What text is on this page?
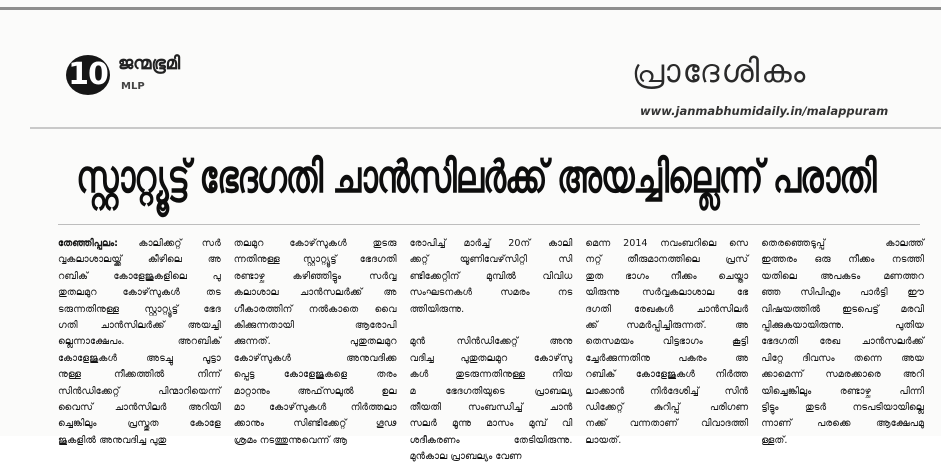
10 ജന്മഭൂമി
MLP	പ്രാദേശികം
www.janmabhumidaily.in/malappuram
സ്റ്റാറ്റ്യൂട്ട് ഭേദഗതി ചാന്‍സിലര്‍ക്ക് അയച്ചില്ലെന്ന് പരാതി
തേഞ്ഞിപ്പലം: കാലിക്കറ്റ് സര്‍
വ്വകലാശാലയ്ക്ക് കീഴിലെ അ
റബിക് കോളേജുകളിലെ പു
തുതലമുറ കോഴ്‌സുകള്‍ തട
ടരുന്നതിനുള്ള സ്റ്റാറ്റ്യൂട്ട് ഭേദ
ഗതി ചാന്‍സിലര്‍ക്ക് അയച്ചി
ല്ലെന്നാക്ഷേപം. അറബിക്
കോളേജുകള്‍ അടച്ചു പൂട്ടാ
നുള്ള നീക്കത്തില്‍ നിന്ന്
സിന്‍ഡിക്കേറ്റ് പിന്മാറിയെന്ന്
വൈസ് ചാന്‍സിലര്‍ അറിയി
ച്ചെങ്കിലും പ്രസ്തുത കോളേ
ജുകളില്‍ അനുവദിച്ച പുതു
തലമുറ കോഴ്‌സുകള്‍ തുടരു
ന്നതിനുള്ള സ്റ്റാറ്റ്യൂട്ട് ഭേദഗതി
രണ്ടാഴ്ച കഴിഞ്ഞിട്ടും സര്‍വ്വ
കലാശാല ചാന്‍സലര്‍ക്ക് അ
ഗീകാരത്തിന് നല്‍കാതെ വൈ
കിക്കുന്നതായി ആരോപി
ക്കുന്നത്. പുതുതലമുറ
കോഴ്‌സുകള്‍ അനുവദിക്ക
പ്പെട്ട കോളേജുകളെ തരം
മാറ്റാനും അഫ്‌സലുല്‍ ഉല
മാ കോഴ്‌സുകള്‍ നിര്‍ത്തലാ
ക്കാനും സിണ്ടിക്കേറ്റ് ഗൂഢ
ശ്രമം നടത്തുന്നുവെന്ന് ആ
രോപിച്ച് മാര്‍ച്ച് 20ന് കാലി
ക്കറ്റ് യൂണിവേഴ്‌സിറ്റി സി
ണ്ടിക്കേറ്റിന് മുമ്പില്‍ വിവിധ
സംഘടനകള്‍ സമരം നട
ത്തിയിരുന്നു.

മുന്‍ സിന്‍ഡിക്കേറ്റ് അനു
വദിച്ച പുതുതലമുറ കോഴ്‌സു
കള്‍ തുടരുന്നതിനുള്ള നിയ
മ ഭേദഗതിയുടെ പ്രാബല്യ
തീയതി സംബന്ധിച്ച് ചാന്‍
സലര്‍ മൂന്നു മാസം മുമ്പ് വി
ശദീകരണം തേടിയിരുന്നു.
മുന്‍കാല പ്രാബല്യം വേണ
മെന്ന 2014 നവംബറിലെ സെ
നറ്റ് തീരുമാനത്തിലെ പ്രസ്
തുത ഭാഗം നീക്കം ചെയ്താ
യിരുന്നു സര്‍വ്വകലാശാല ഭേ
ദഗതി രേഖകള്‍ ചാന്‍സിലര്‍
ക്ക് സമര്‍പ്പിച്ചിരുന്നത്. അ
തെസമയം വിട്ടഭാഗം കൂട്ടി
ച്ചേര്‍ക്കുന്നതിനു പകരം അ
റബിക് കോളേജുകള്‍ നിര്‍ത്ത
ലാക്കാന്‍ നിര്‍ദേശിച്ച് സിന്‍
ഡിക്കേറ്റ് കുറിപ്പ് പരിഗണ
നക്ക് വന്നതാണ് വിവാദത്തി
ലായത്.
തെരഞ്ഞെടുപ്പ് കാലത്ത്
ഇത്തരം ഒരു നീക്കം നടത്തി
യതിലെ അപകടം മണത്തറ
ഞ്ഞ സിപിഎം പാര്‍ട്ടി ഈ
വിഷയത്തില്‍ ഇടപെട്ട് മരവി
പ്പിക്കുകയായിരുന്നു. പുതിയ
ഭേദഗതി രേഖ ചാന്‍സലര്‍ക്ക്
പിറ്റേ ദിവസം തന്നെ അയ
ക്കാമെന്ന് സമരക്കാരെ അറി
യിച്ചെങ്കിലും രണ്ടാഴ്ച പിന്നി
ട്ടിട്ടും തുടര്‍ നടപടിയായില്ലെ
ന്നാണ് പരക്കെ ആക്ഷേപമു
ള്ളത്.
